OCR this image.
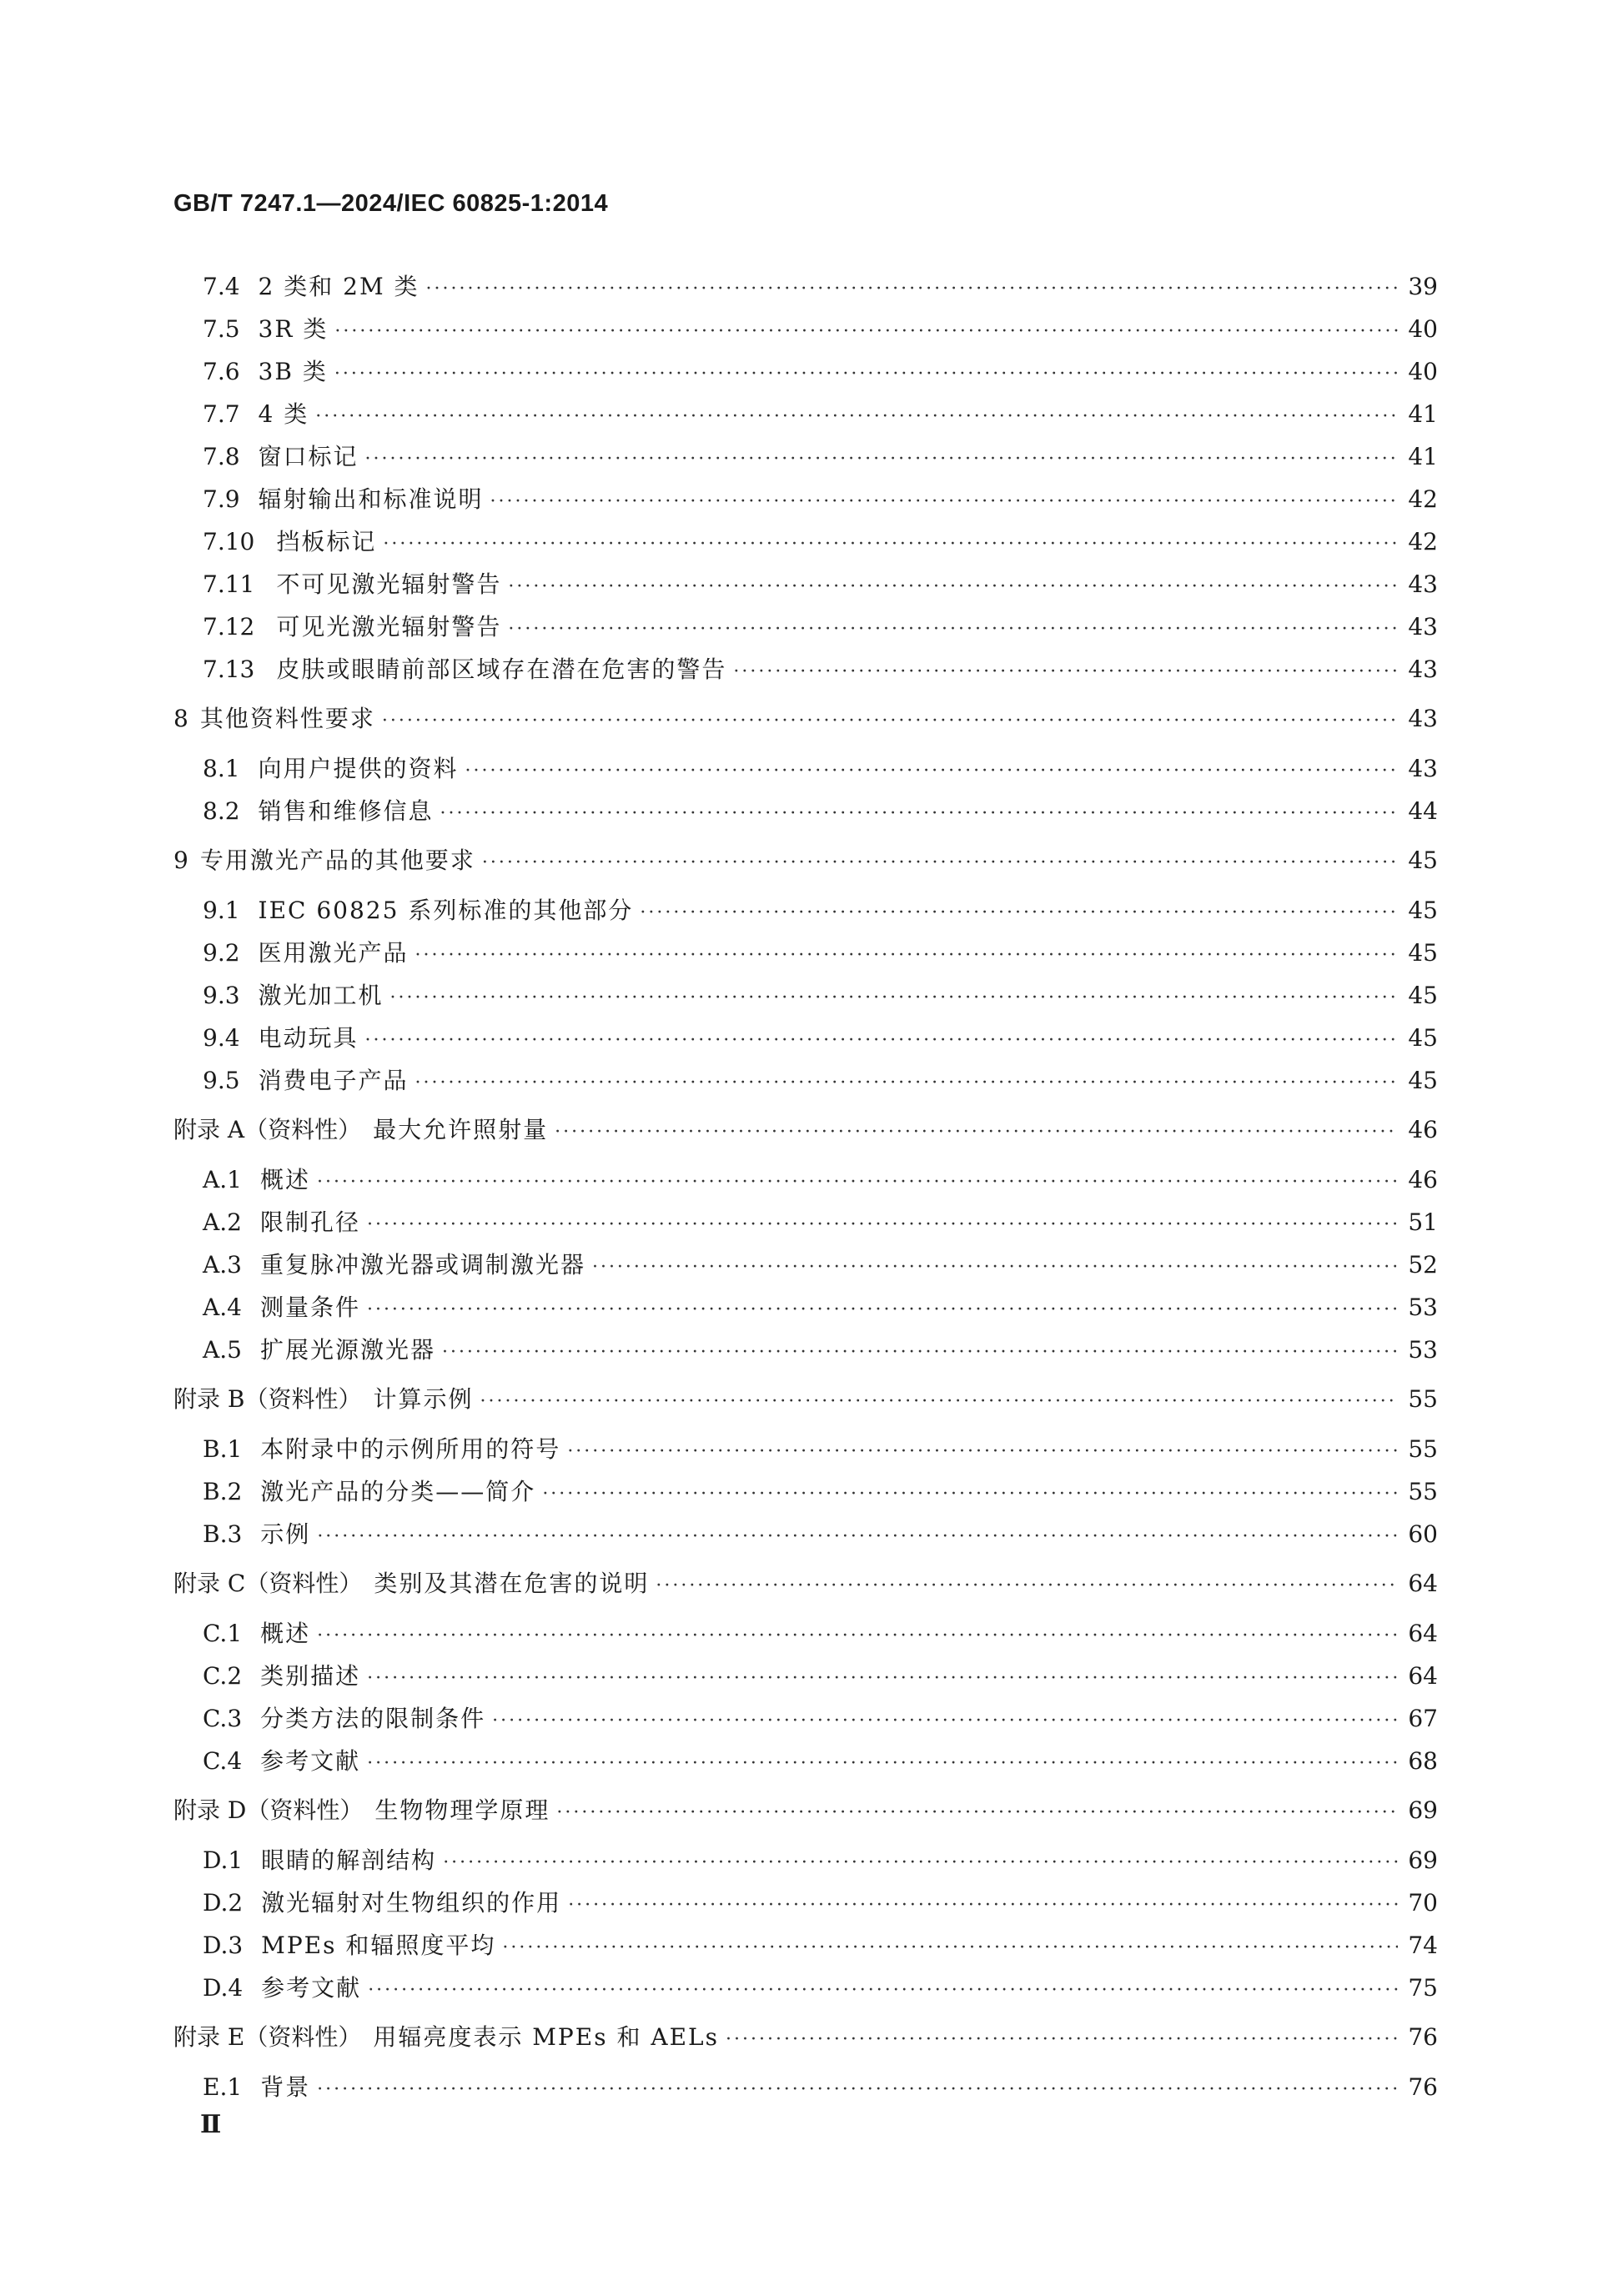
GB/T 7247.1—2024/IEC 60825-1:2014
7.4 2 类和 2M 类 ·····	39
7.5 3R 类 ·····	40
7.6 3B 类 ·····	40
7.7 4 类 ·····	41
7.8 窗口标记 ·····	41
7.9 辐射输出和标准说明 ·····	42
7.10 挡板标记 ·····	42
7.11 不可见激光辐射警告 ·····	43
7.12 可见光激光辐射警告 ·····	43
7.13 皮肤或眼睛前部区域存在潜在危害的警告 ·····	43
8 其他资料性要求 ·····	43
8.1 向用户提供的资料 ·····	43
8.2 销售和维修信息 ·····	44
9 专用激光产品的其他要求 ·····	45
9.1 IEC 60825 系列标准的其他部分 ·····	45
9.2 医用激光产品 ·····	45
9.3 激光加工机 ·····	45
9.4 电动玩具 ·····	45
9.5 消费电子产品 ·····	45
附录 A（资料性） 最大允许照射量 ·····	46
A.1 概述 ·····	46
A.2 限制孔径 ·····	51
A.3 重复脉冲激光器或调制激光器 ·····	52
A.4 测量条件 ·····	53
A.5 扩展光源激光器 ·····	53
附录 B（资料性） 计算示例 ·····	55
B.1 本附录中的示例所用的符号 ·····	55
B.2 激光产品的分类——简介 ·····	55
B.3 示例 ·····	60
附录 C（资料性） 类别及其潜在危害的说明 ·····	64
C.1 概述 ·····	64
C.2 类别描述 ·····	64
C.3 分类方法的限制条件 ·····	67
C.4 参考文献 ·····	68
附录 D（资料性） 生物物理学原理 ·····	69
D.1 眼睛的解剖结构 ·····	69
D.2 激光辐射对生物组织的作用 ·····	70
D.3 MPEs 和辐照度平均 ·····	74
D.4 参考文献 ·····	75
附录 E（资料性） 用辐亮度表示 MPEs 和 AELs ·····	76
E.1 背景 ·····	76
Ⅱ
